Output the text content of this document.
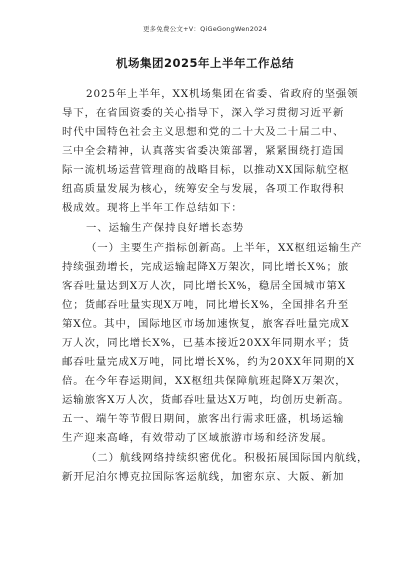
更多免费公文+V：QiGeGongWen2024
机场集团2025年上半年工作总结
2025年上半年，XX机场集团在省委、省政府的坚强领
导下，在省国资委的关心指导下，深入学习贯彻习近平新
时代中国特色社会主义思想和党的二十大及二十届二中、
三中全会精神，认真落实省委决策部署，紧紧围绕打造国
际一流机场运营管理商的战略目标，以推动XX国际航空枢
纽高质量发展为核心，统筹安全与发展，各项工作取得积
极成效。现将上半年工作总结如下：
一、运输生产保持良好增长态势
（一）主要生产指标创新高。上半年，XX枢纽运输生产
持续强劲增长，完成运输起降X万架次，同比增长X%；旅
客吞吐量达到X万人次，同比增长X%，稳居全国城市第X
位；货邮吞吐量实现X万吨，同比增长X%，全国排名升至
第X位。其中，国际地区市场加速恢复，旅客吞吐量完成X
万人次，同比增长X%，已基本接近20XX年同期水平；货
邮吞吐量完成X万吨，同比增长X%，约为20XX年同期的X
倍。在今年春运期间，XX枢纽共保障航班起降X万架次，
运输旅客X万人次，货邮吞吐量达X万吨，均创历史新高。
五一、端午等节假日期间，旅客出行需求旺盛，机场运输
生产迎来高峰，有效带动了区域旅游市场和经济发展。
（二）航线网络持续织密优化。积极拓展国际国内航线，
新开尼泊尔博克拉国际客运航线，加密东京、大阪、新加
